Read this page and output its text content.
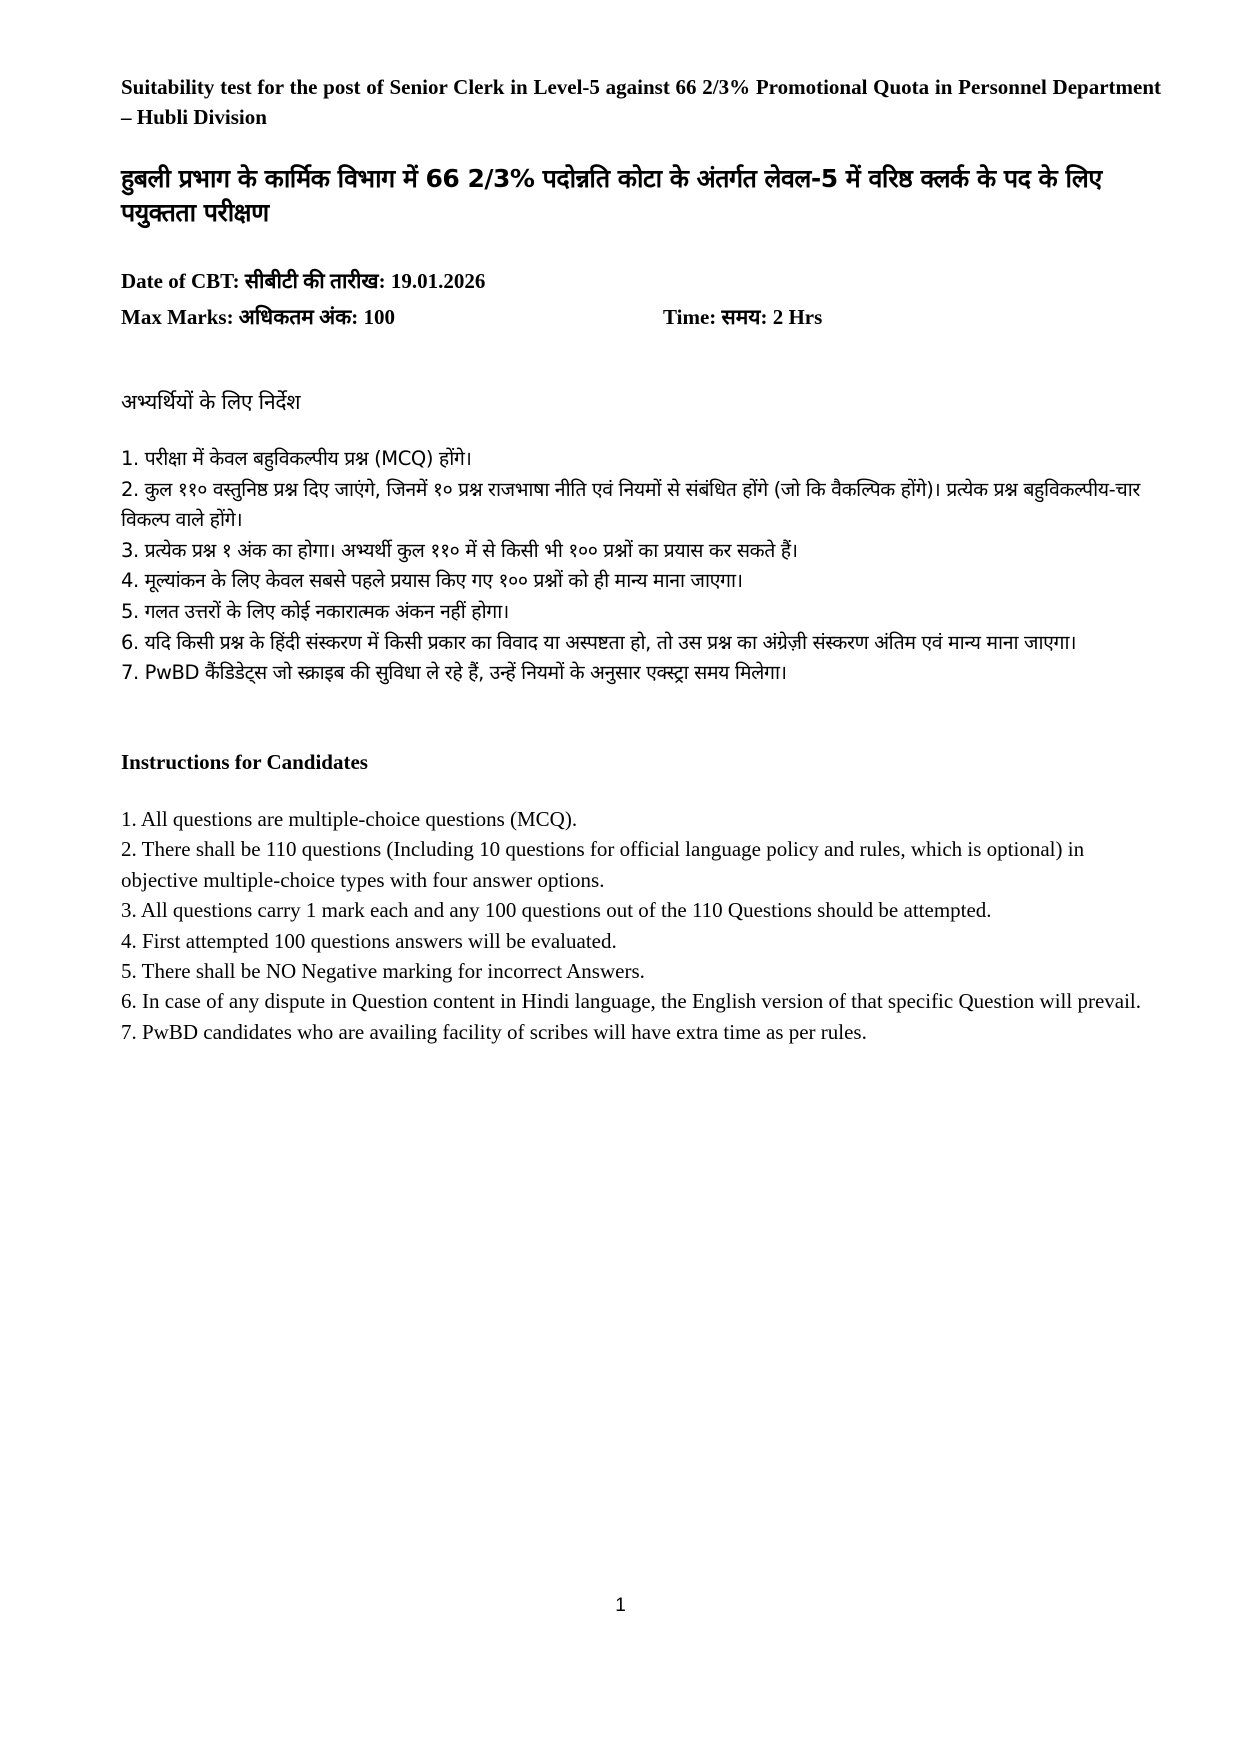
Suitability test for the post of Senior Clerk in Level-5 against 66 2/3% Promotional Quota in Personnel Department – Hubli Division
हुबली प्रभाग के कार्मिक विभाग में 66 2/3% पदोन्नति कोटा के अंतर्गत लेवल-5 में वरिष्ठ क्लर्क के पद के लिए पयुक्तता परीक्षण
Date of CBT: सीबीटी की तारीख: 19.01.2026
Max Marks: अधिकतम अंक: 100	Time: समय: 2 Hrs
अभ्यर्थियों के लिए निर्देश
1. परीक्षा में केवल बहुविकल्पीय प्रश्न (MCQ) होंगे।
2. कुल ११० वस्तुनिष्ठ प्रश्न दिए जाएंगे, जिनमें १० प्रश्न राजभाषा नीति एवं नियमों से संबंधित होंगे (जो कि वैकल्पिक होंगे)। प्रत्येक प्रश्न बहुविकल्पीय-चार विकल्प वाले होंगे।
3. प्रत्येक प्रश्न १ अंक का होगा। अभ्यर्थी कुल ११० में से किसी भी १०० प्रश्नों का प्रयास कर सकते हैं।
4. मूल्यांकन के लिए केवल सबसे पहले प्रयास किए गए १०० प्रश्नों को ही मान्य माना जाएगा।
5. गलत उत्तरों के लिए कोई नकारात्मक अंकन नहीं होगा।
6. यदि किसी प्रश्न के हिंदी संस्करण में किसी प्रकार का विवाद या अस्पष्टता हो, तो उस प्रश्न का अंग्रेज़ी संस्करण अंतिम एवं मान्य माना जाएगा।
7. PwBD कैंडिडेट्स जो स्क्राइब की सुविधा ले रहे हैं, उन्हें नियमों के अनुसार एक्स्ट्रा समय मिलेगा।
Instructions for Candidates
1. All questions are multiple-choice questions (MCQ).
2. There shall be 110 questions (Including 10 questions for official language policy and rules, which is optional) in objective multiple-choice types with four answer options.
3. All questions carry 1 mark each and any 100 questions out of the 110 Questions should be attempted.
4. First attempted 100 questions answers will be evaluated.
5. There shall be NO Negative marking for incorrect Answers.
6. In case of any dispute in Question content in Hindi language, the English version of that specific Question will prevail.
7. PwBD candidates who are availing facility of scribes will have extra time as per rules.
1
